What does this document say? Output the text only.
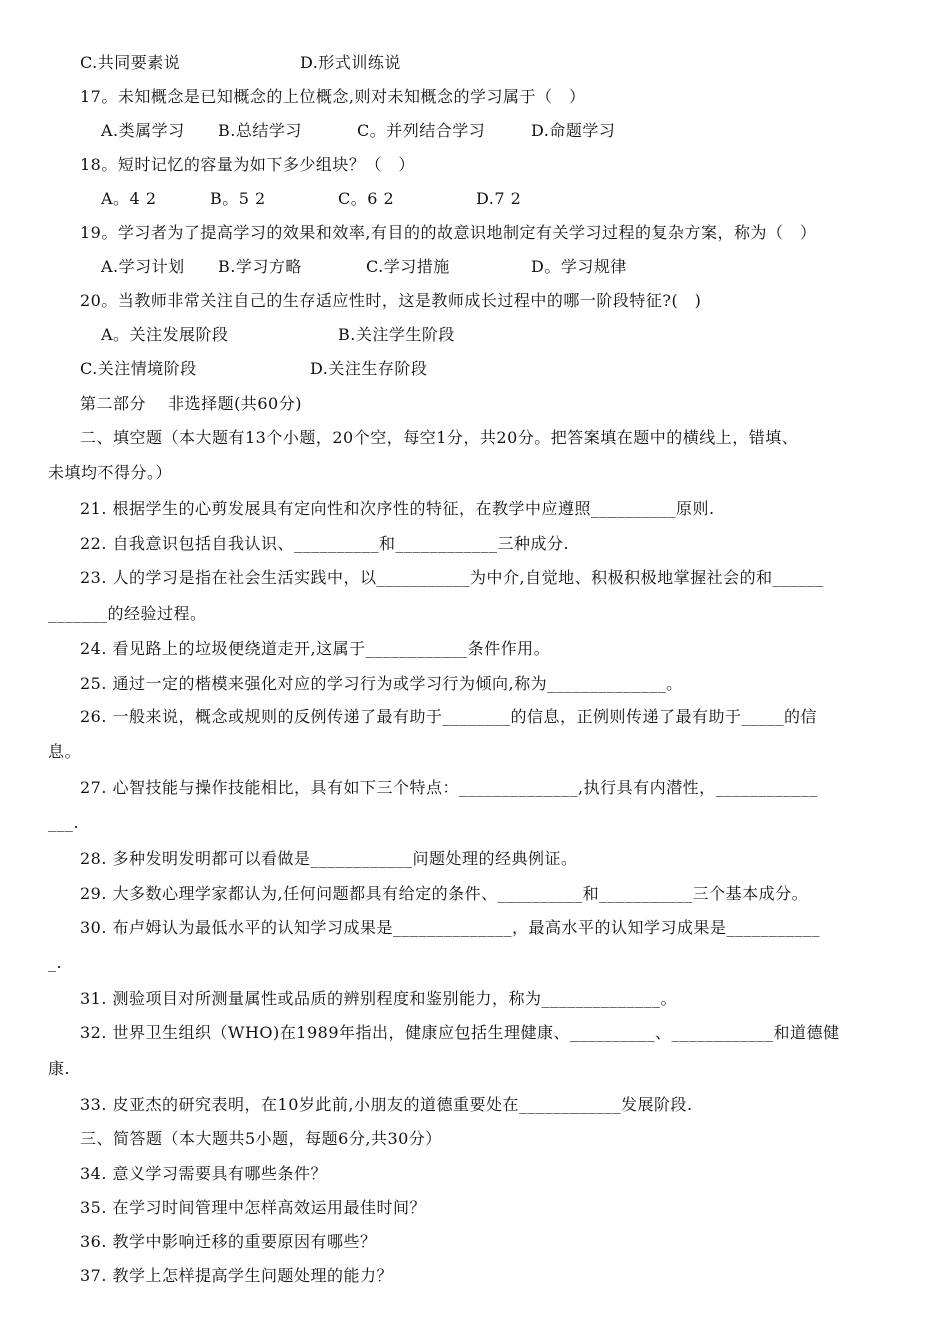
C.共同要素说	D.形式训练说
17。未知概念是已知概念的上位概念,则对未知概念的学习属于（　）
A.类属学习 B.总结学习	C。并列结合学习	D.命题学习
18。短时记忆的容量为如下多少组块？（　）
A。4 2	B。5 2	C。6 2	D.7 2
19。学习者为了提高学习的效果和效率,有目的的故意识地制定有关学习过程的复杂方案，称为（　）
A.学习计划 B.学习方略	C.学习措施	D。学习规律
20。当教师非常关注自己的生存适应性时，这是教师成长过程中的哪一阶段特征?(　)
A。关注发展阶段	B.关注学生阶段
C.关注情境阶段	D.关注生存阶段
第二部分　 非选择题(共60分)
二、填空题（本大题有13个小题，20个空，每空1分，共20分。把答案填在题中的横线上，错填、
未填均不得分。）
21. 根据学生的心剪发展具有定向性和次序性的特征，在教学中应遵照__________原则.
22. 自我意识包括自我认识、__________和____________三种成分.
23. 人的学习是指在社会生活实践中，以___________为中介,自觉地、积极积极地掌握社会的和______
_______的经验过程。
24. 看见路上的垃圾便绕道走开,这属于____________条件作用。
25. 通过一定的楷模来强化对应的学习行为或学习行为倾向,称为______________。
26. 一般来说，概念或规则的反例传递了最有助于________的信息，正例则传递了最有助于_____的信
息。
27. 心智技能与操作技能相比，具有如下三个特点：______________,执行具有内潜性，____________
___.
28. 多种发明发明都可以看做是____________问题处理的经典例证。
29. 大多数心理学家都认为,任何问题都具有给定的条件、__________和___________三个基本成分。
30. 布卢姆认为最低水平的认知学习成果是______________，最高水平的认知学习成果是___________
_.
31. 测验项目对所测量属性或品质的辨别程度和鉴别能力，称为______________。
32. 世界卫生组织（WHO)在1989年指出，健康应包括生理健康、__________、____________和道德健
康.
33. 皮亚杰的研究表明，在10岁此前,小朋友的道德重要处在____________发展阶段.
三、简答题（本大题共5小题，每题6分,共30分）
34. 意义学习需要具有哪些条件？
35. 在学习时间管理中怎样高效运用最佳时间？
36. 教学中影响迁移的重要原因有哪些？
37. 教学上怎样提高学生问题处理的能力？
